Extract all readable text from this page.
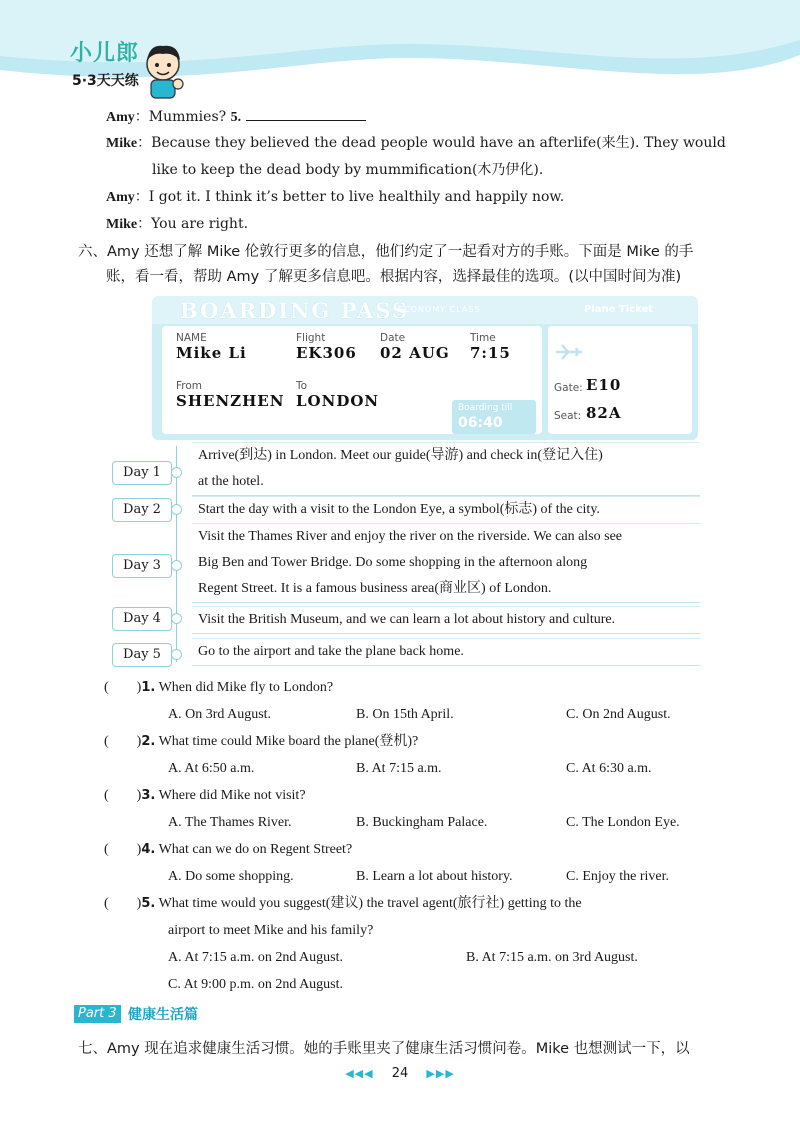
小儿郎
5·3天天练
Amy：Mummies? 5.
Mike：Because they believed the dead people would have an afterlife(来生). They would
like to keep the dead body by mummification(木乃伊化).
Amy：I got it. I think it’s better to live healthily and happily now.
Mike：You are right.
六、Amy 还想了解 Mike 伦敦行更多的信息，他们约定了一起看对方的手账。下面是 Mike 的手
账，看一看，帮助 Amy 了解更多信息吧。根据内容，选择最佳的选项。(以中国时间为准)
BOARDING PASS
ECONOMY CLASS	Plane Ticket
NAME
Mike Li
Flight
EK306
Date
02 AUG
Time
7:15
From
SHENZHEN
To
LONDON	Boarding till
06:40
Gate: E10
Seat: 82A
Day 1
Arrive(到达) in London. Meet our guide(导游) and check in(登记入住)
at the hotel.
Day 2	Start the day with a visit to the London Eye, a symbol(标志) of the city.
Day 3
Visit the Thames River and enjoy the river on the riverside. We can also see
Big Ben and Tower Bridge. Do some shopping in the afternoon along
Regent Street. It is a famous business area(商业区) of London.
Day 4	Visit the British Museum, and we can learn a lot about history and culture.
Day 5	Go to the airport and take the plane back home.
(　　)1. When did Mike fly to London?
A. On 3rd August.	B. On 15th April.	C. On 2nd August.
(　　)2. What time could Mike board the plane(登机)?
A. At 6:50 a.m.	B. At 7:15 a.m.	C. At 6:30 a.m.
(　　)3. Where did Mike not visit?
A. The Thames River.	B. Buckingham Palace.	C. The London Eye.
(　　)4. What can we do on Regent Street?
A. Do some shopping.	B. Learn a lot about history.	C. Enjoy the river.
(　　)5. What time would you suggest(建议) the travel agent(旅行社) getting to the
airport to meet Mike and his family?
A. At 7:15 a.m. on 2nd August.	B. At 7:15 a.m. on 3rd August.
C. At 9:00 p.m. on 2nd August.
Part 3 健康生活篇
七、Amy 现在追求健康生活习惯。她的手账里夹了健康生活习惯问卷。Mike 也想测试一下，以
◀◀◀ 24 ▶▶▶
